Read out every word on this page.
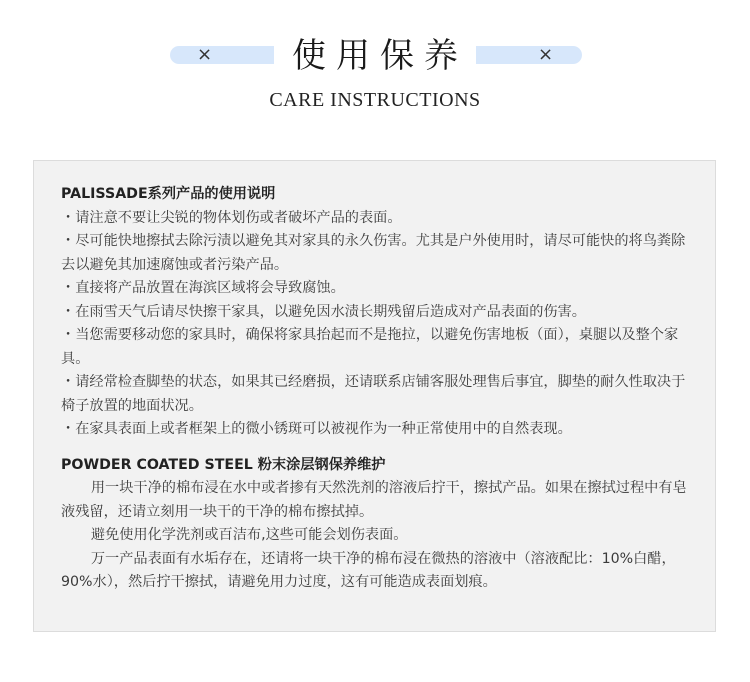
×	×
使用保养
CARE INSTRUCTIONS
PALISSADE系列产品的使用说明

・请注意不要让尖锐的物体划伤或者破坏产品的表面。

・尽可能快地擦拭去除污渍以避免其对家具的永久伤害。尤其是户外使用时，请尽可能快的将鸟粪除去以避免其加速腐蚀或者污染产品。

・直接将产品放置在海滨区域将会导致腐蚀。

・在雨雪天气后请尽快擦干家具，以避免因水渍长期残留后造成对产品表面的伤害。

・当您需要移动您的家具时，确保将家具抬起而不是拖拉，以避免伤害地板（面），桌腿以及整个家具。

・请经常检查脚垫的状态，如果其已经磨损，还请联系店铺客服处理售后事宜，脚垫的耐久性取决于椅子放置的地面状况。

・在家具表面上或者框架上的微小锈斑可以被视作为一种正常使用中的自然表现。

POWDER COATED STEEL 粉末涂层钢保养维护

用一块干净的棉布浸在水中或者掺有天然洗剂的溶液后拧干，擦拭产品。如果在擦拭过程中有皂液残留，还请立刻用一块干的干净的棉布擦拭掉。

避免使用化学洗剂或百洁布,这些可能会划伤表面。

万一产品表面有水垢存在，还请将一块干净的棉布浸在微热的溶液中（溶液配比：10%白醋， 90%水），然后拧干擦拭，请避免用力过度，这有可能造成表面划痕。
